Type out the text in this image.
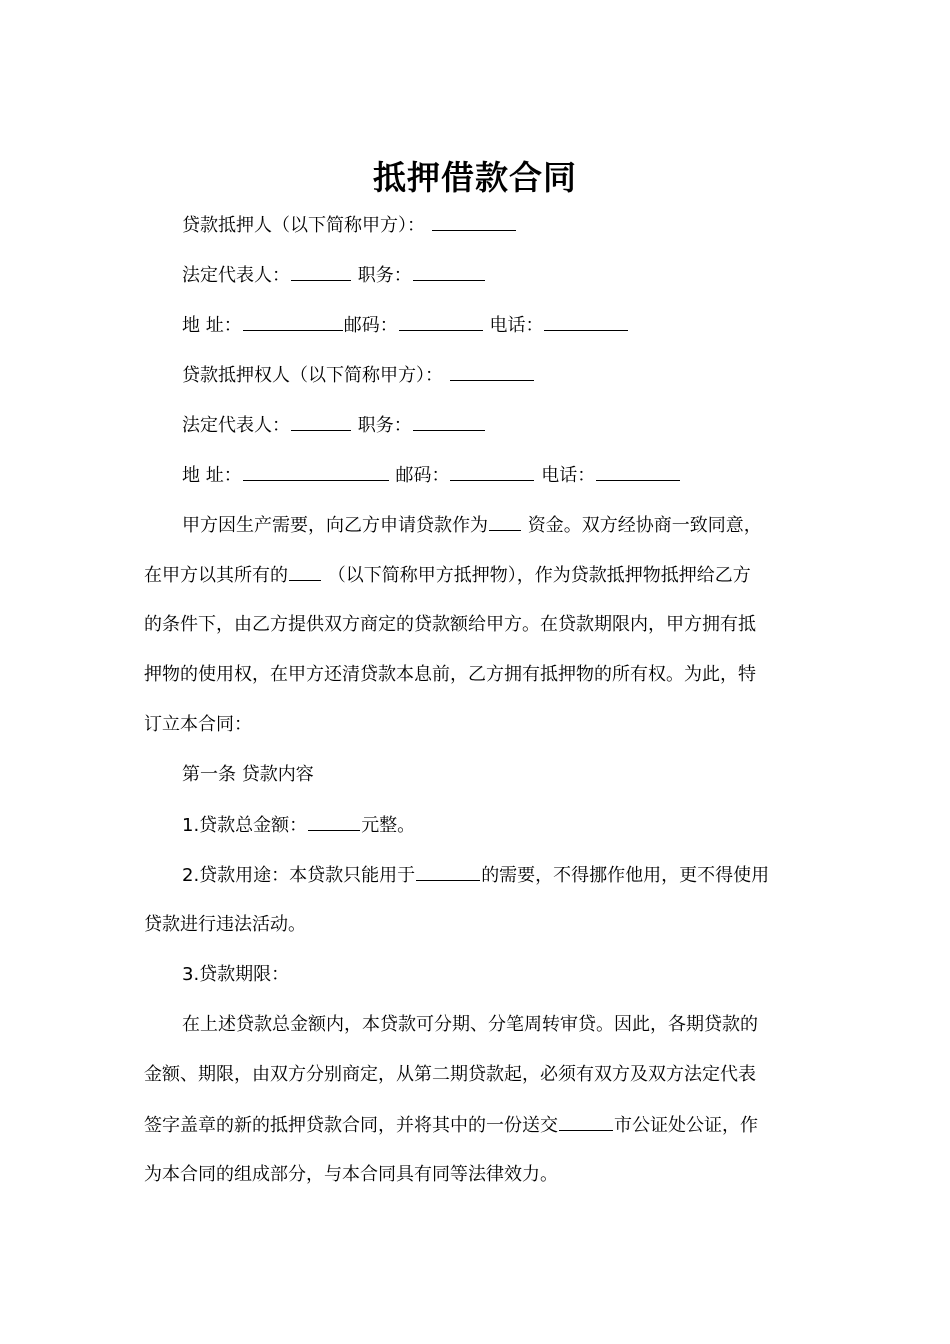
抵押借款合同
贷款抵押人（以下简称甲方）：
法定代表人：	职务：
地 址：	邮码：	电话：
贷款抵押权人（以下简称甲方）：
法定代表人：	职务：
地 址：	邮码：	电话：
甲方因生产需要，向乙方申请贷款作为 资金。双方经协商一致同意，
在甲方以其所有的 （以下简称甲方抵押物），作为贷款抵押物抵押给乙方
的条件下，由乙方提供双方商定的贷款额给甲方。在贷款期限内，甲方拥有抵
押物的使用权，在甲方还清贷款本息前，乙方拥有抵押物的所有权。为此，特
订立本合同：
第一条 贷款内容
1.贷款总金额：	元整。
2.贷款用途：本贷款只能用于	的需要，不得挪作他用，更不得使用
贷款进行违法活动。
3.贷款期限：
在上述贷款总金额内，本贷款可分期、分笔周转审贷。因此，各期贷款的
金额、期限，由双方分别商定，从第二期贷款起，必须有双方及双方法定代表
签字盖章的新的抵押贷款合同，并将其中的一份送交	市公证处公证，作
为本合同的组成部分，与本合同具有同等法律效力。
